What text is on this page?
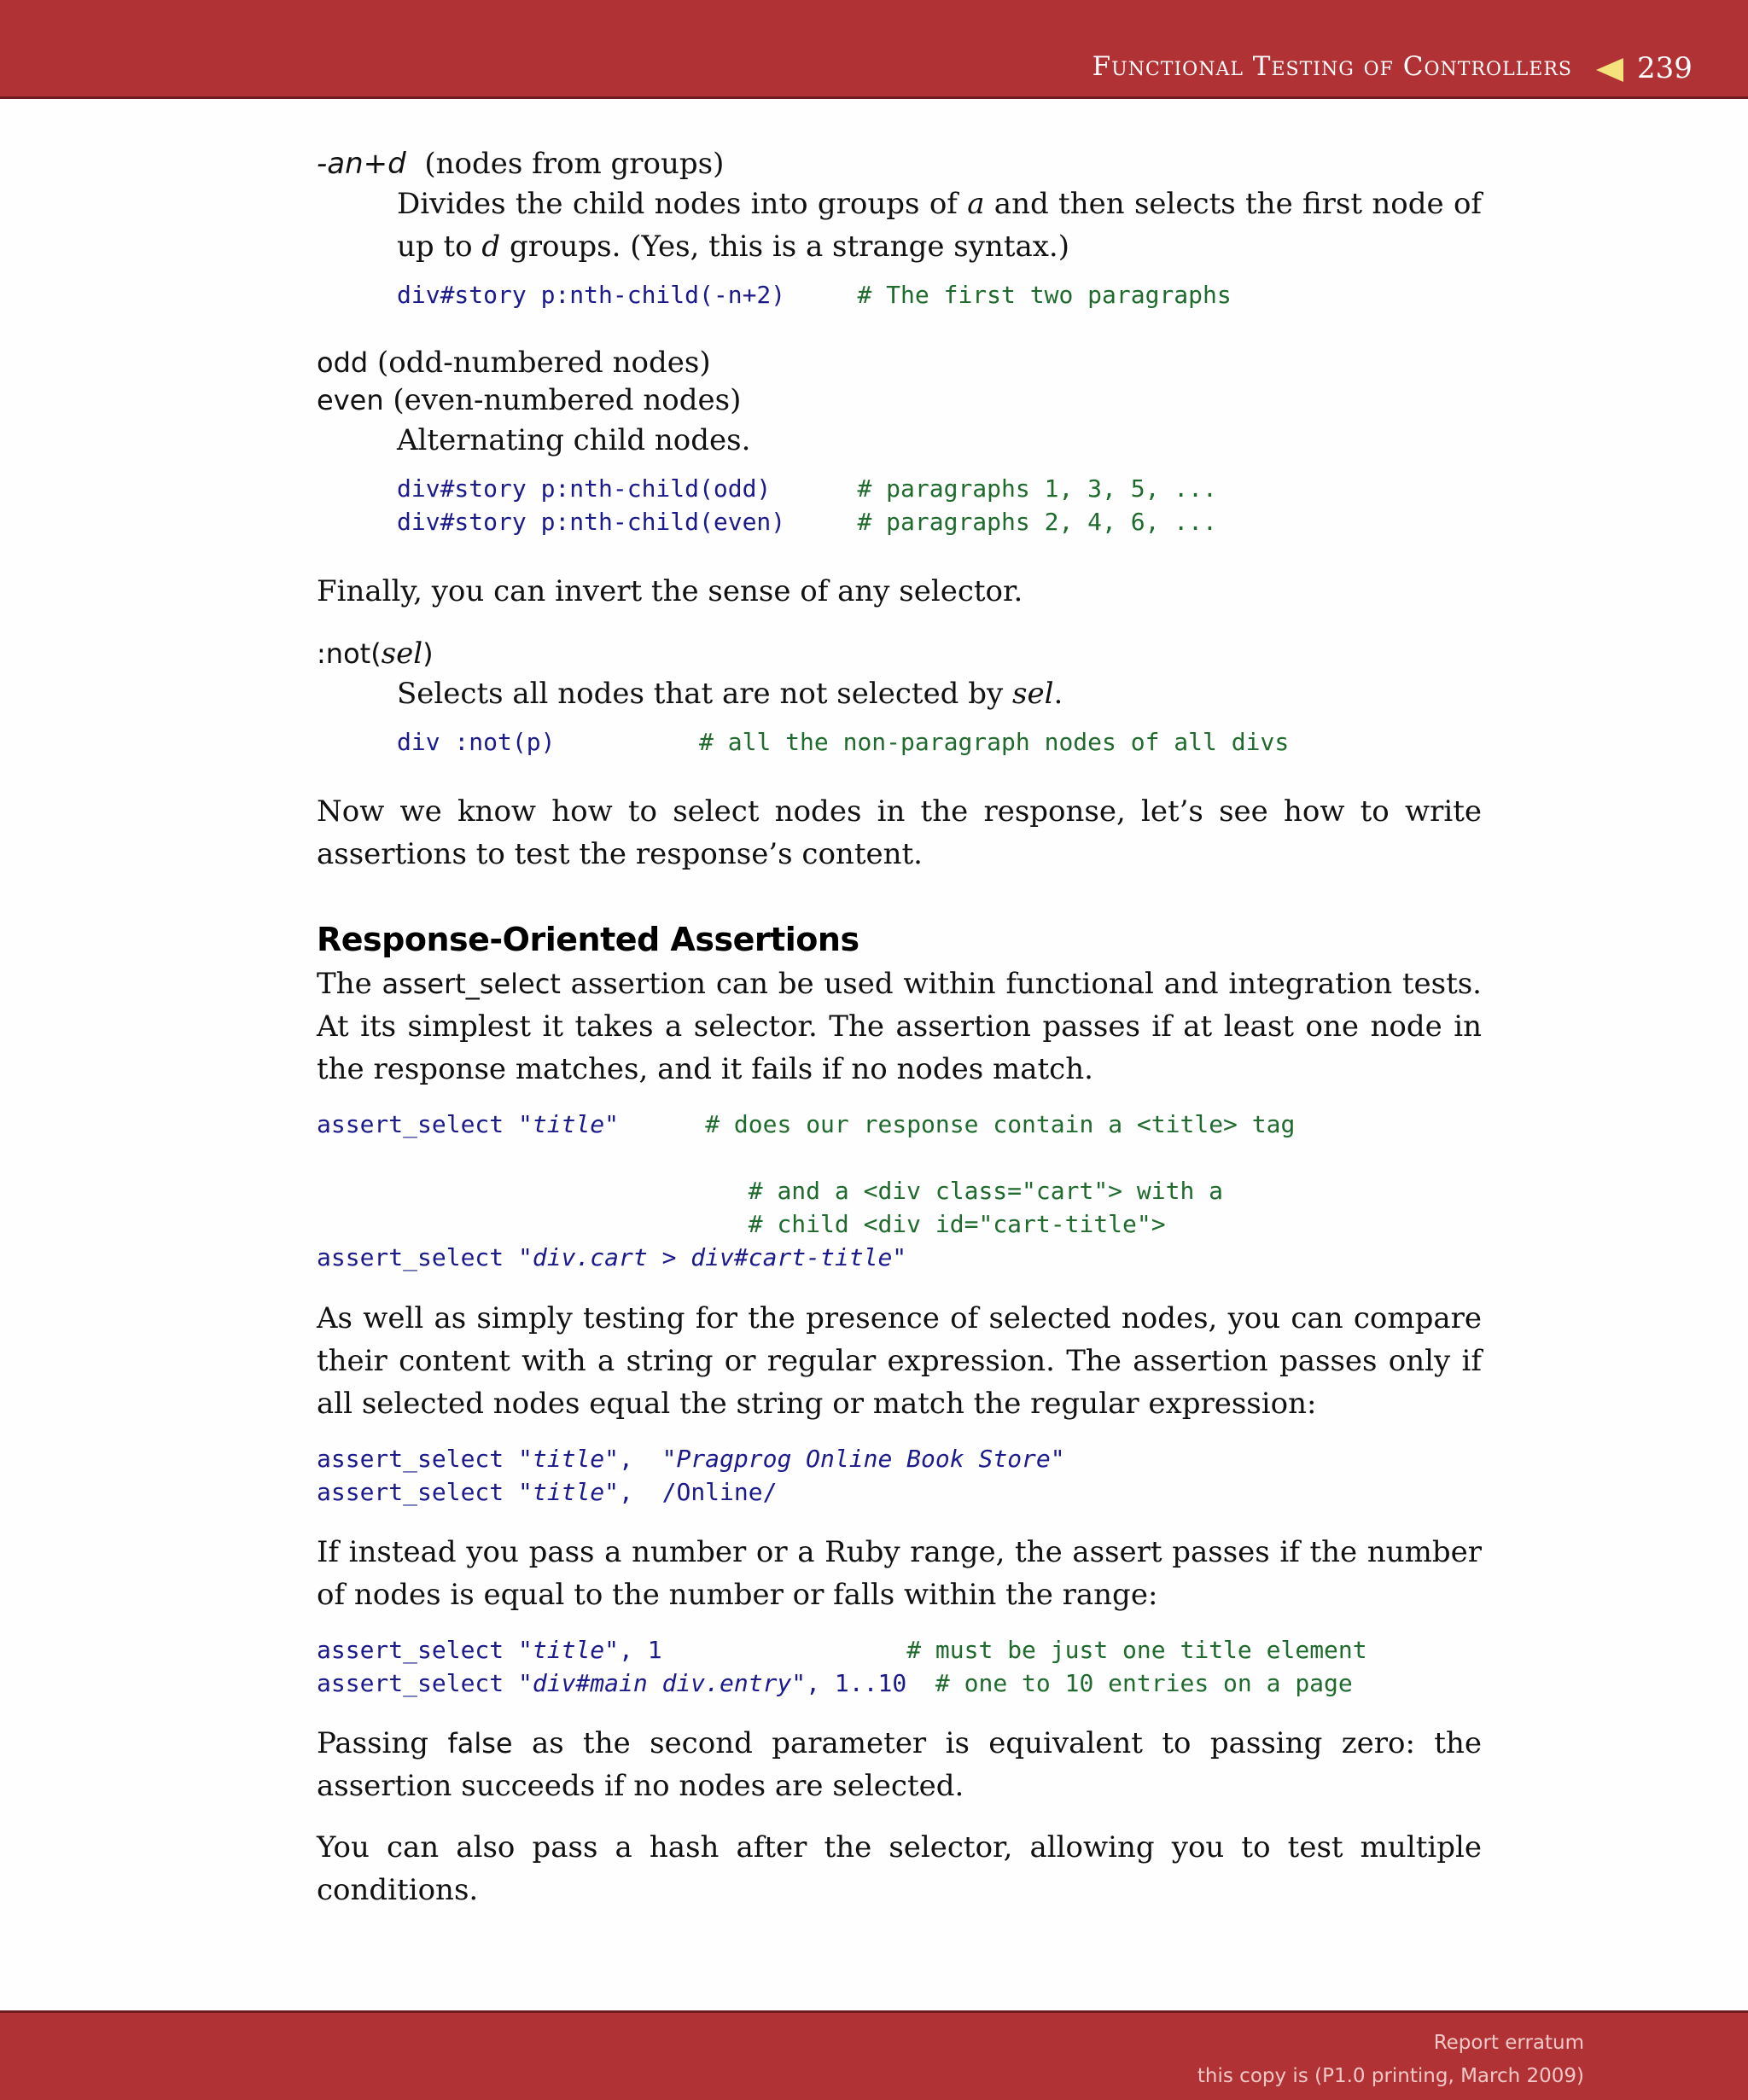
Functional Testing of Controllers 239
-an+d (nodes from groups)

Divides the child nodes into groups of a and then selects the first node of up to d groups. (Yes, this is a strange syntax.)

div#story p:nth-child(-n+2)     # The first two paragraphs
odd (odd-numbered nodes)
even (even-numbered nodes)

Alternating child nodes.

div#story p:nth-child(odd)      # paragraphs 1, 3, 5, ...
div#story p:nth-child(even)     # paragraphs 2, 4, 6, ...

Finally, you can invert the sense of any selector.

:not(sel)

Selects all nodes that are not selected by sel.

div :not(p)          # all the non-paragraph nodes of all divs

Now we know how to select nodes in the response, let’s see how to write assertions to test the response’s content.

Response-Oriented Assertions

The assert_select assertion can be used within functional and integration tests. At its simplest it takes a selector. The assertion passes if at least one node in the response matches, and it fails if no nodes match.

assert_select "title"	# does our response contain a <title> tag

# and a <div class="cart"> with a
# child <div id="cart-title">
assert_select "div.cart > div#cart-title"

As well as simply testing for the presence of selected nodes, you can compare their content with a string or regular expression. The assertion passes only if all selected nodes equal the string or match the regular expression:

assert_select "title",  "Pragprog Online Book Store"
assert_select "title",  /Online/

If instead you pass a number or a Ruby range, the assert passes if the number of nodes is equal to the number or falls within the range:

assert_select "title", 1                 # must be just one title element
assert_select "div#main div.entry", 1..10  # one to 10 entries on a page

Passing false as the second parameter is equivalent to passing zero: the assertion succeeds if no nodes are selected.

You can also pass a hash after the selector, allowing you to test multiple conditions.

Report erratum
this copy is (P1.0 printing, March 2009)
